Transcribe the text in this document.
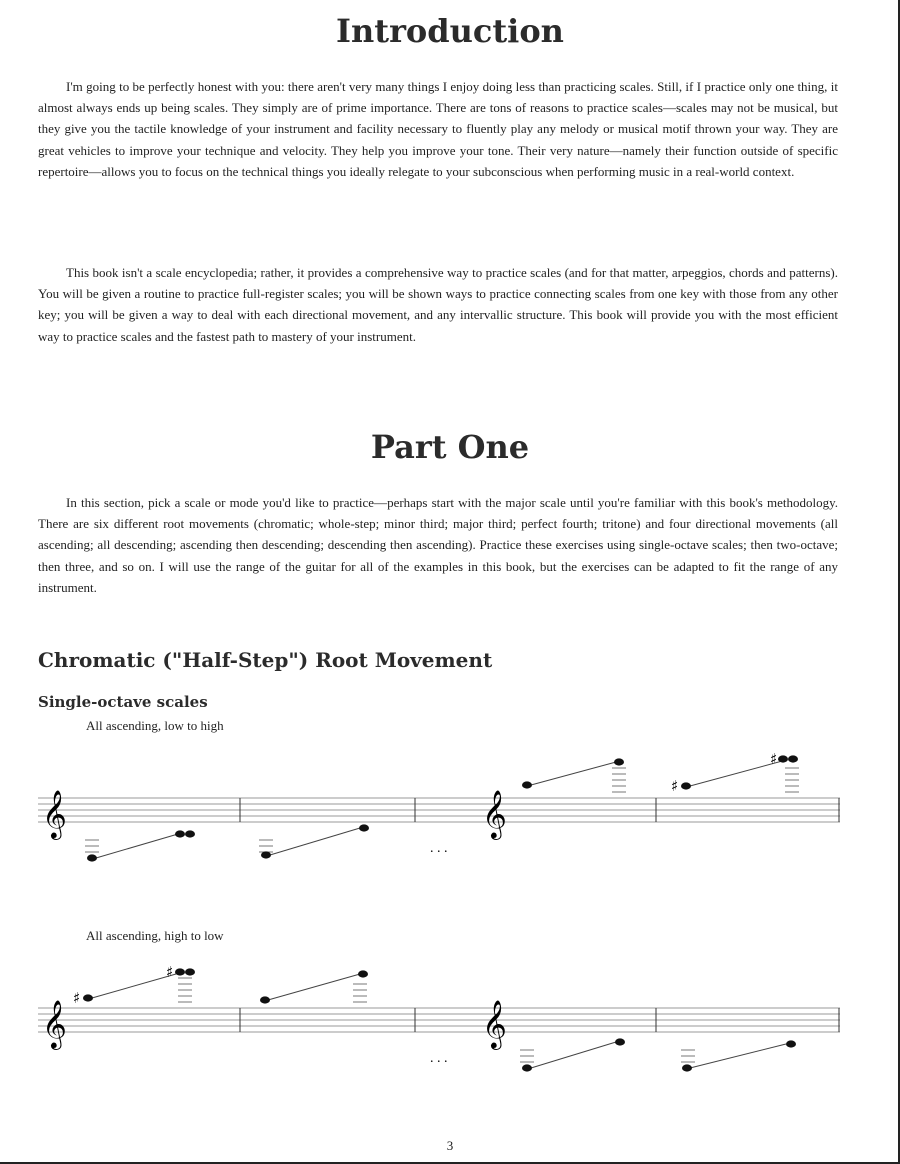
Introduction

I'm going to be perfectly honest with you: there aren't very many things I enjoy doing less than practicing scales. Still, if I practice only one thing, it almost always ends up being scales. They simply are of prime importance. There are tons of reasons to practice scales—scales may not be musical, but they give you the tactile knowledge of your instrument and facility necessary to fluently play any melody or musical motif thrown your way. They are great vehicles to improve your technique and velocity. They help you improve your tone. Their very nature—namely their function outside of specific repertoire—allows you to focus on the technical things you ideally relegate to your subconscious when performing music in a real-world context.

This book isn't a scale encyclopedia; rather, it provides a comprehensive way to practice scales (and for that matter, arpeggios, chords and patterns). You will be given a routine to practice full-register scales; you will be shown ways to practice connecting scales from one key with those from any other key; you will be given a way to deal with each directional movement, and any intervallic structure. This book will provide you with the most efficient way to practice scales and the fastest path to mastery of your instrument.

Part One

In this section, pick a scale or mode you'd like to practice—perhaps start with the major scale until you're familiar with this book's methodology. There are six different root movements (chromatic; whole-step; minor third; major third; perfect fourth; tritone) and four directional movements (all ascending; all descending; ascending then descending; descending then ascending). Practice these exercises using single-octave scales; then two-octave; then three, and so on. I will use the range of the guitar for all of the examples in this book, but the exercises can be adapted to fit the range of any instrument.

Chromatic ("Half-Step") Root Movement
Single-octave scales

All ascending, low to high

𝄞	𝄞
. . .
♯
♯

All ascending, high to low

𝄞	𝄞
. . .
♯
♯
3
